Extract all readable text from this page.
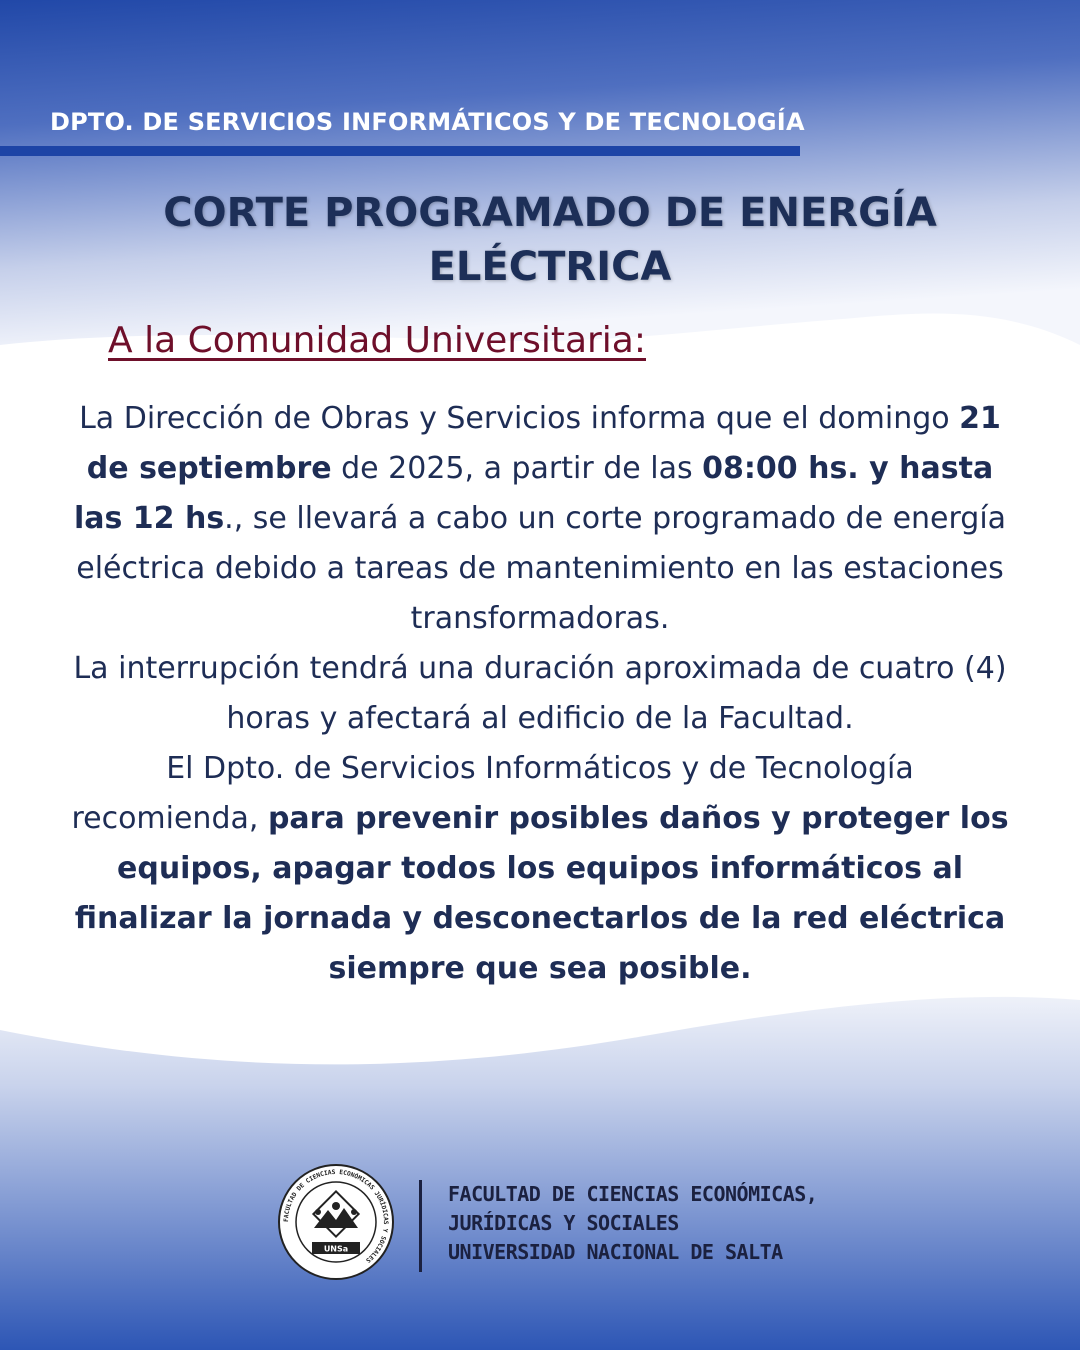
DPTO. DE SERVICIOS INFORMÁTICOS Y DE TECNOLOGÍA
CORTE PROGRAMADO DE ENERGÍA
ELÉCTRICA
A la Comunidad Universitaria:

La Dirección de Obras y Servicios informa que el domingo 21 de septiembre de 2025, a partir de las 08:00 hs. y hasta las 12 hs., se llevará a cabo un corte programado de energía eléctrica debido a tareas de mantenimiento en las estaciones transformadoras.

La interrupción tendrá una duración aproximada de cuatro (4) horas y afectará al edificio de la Facultad.

El Dpto. de Servicios Informáticos y de Tecnología recomienda, para prevenir posibles daños y proteger los equipos, apagar todos los equipos informáticos al finalizar la jornada y desconectarlos de la red eléctrica siempre que sea posible.

FACULTAD DE CIENCIAS ECONÓMICAS JURÍDICAS Y SOCIALES
UNSa
FACULTAD DE CIENCIAS ECONÓMICAS,
JURÍDICAS Y SOCIALES
UNIVERSIDAD NACIONAL DE SALTA
